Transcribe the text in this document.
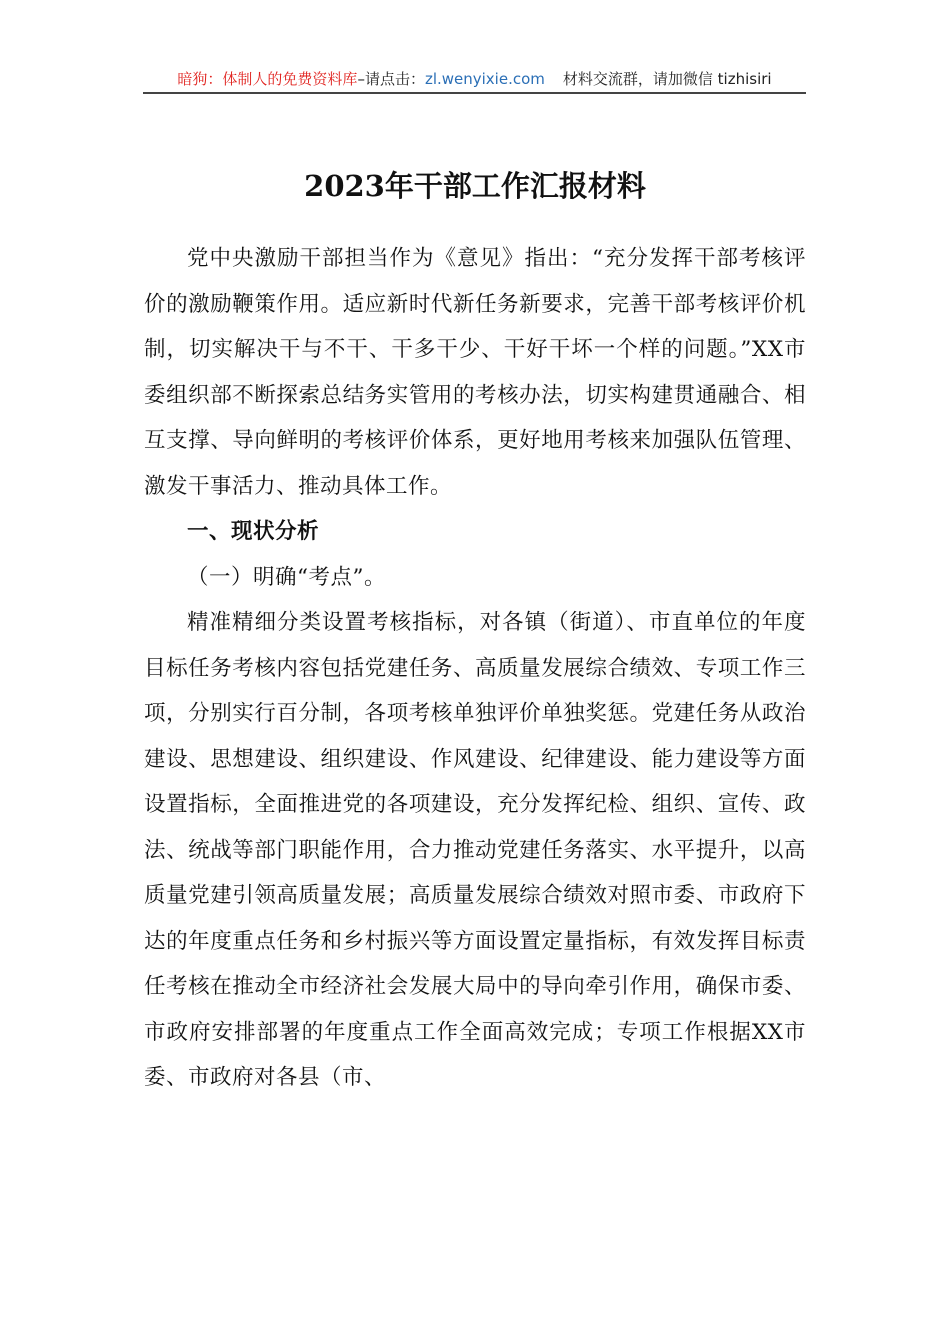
暗狗：体制人的免费资料库–请点击：zl.wenyixie.com 材料交流群，请加微信 tizhisiri
2023年干部工作汇报材料

党中央激励干部担当作为《意见》指出：“充分发挥干部考核评价的激励鞭策作用。适应新时代新任务新要求，完善干部考核评价机制，切实解决干与不干、干多干少、干好干坏一个样的问题。”XX市委组织部不断探索总结务实管用的考核办法，切实构建贯通融合、相互支撑、导向鲜明的考核评价体系，更好地用考核来加强队伍管理、激发干事活力、推动具体工作。

一、现状分析

（一）明确“考点”。

精准精细分类设置考核指标，对各镇（街道）、市直单位的年度目标任务考核内容包括党建任务、高质量发展综合绩效、专项工作三项，分别实行百分制，各项考核单独评价单独奖惩。党建任务从政治建设、思想建设、组织建设、作风建设、纪律建设、能力建设等方面设置指标，全面推进党的各项建设，充分发挥纪检、组织、宣传、政法、统战等部门职能作用，合力推动党建任务落实、水平提升，以高质量党建引领高质量发展；高质量发展综合绩效对照市委、市政府下达的年度重点任务和乡村振兴等方面设置定量指标，有效发挥目标责任考核在推动全市经济社会发展大局中的导向牵引作用，确保市委、市政府安排部署的年度重点工作全面高效完成；专项工作根据XX市委、市政府对各县（市、
